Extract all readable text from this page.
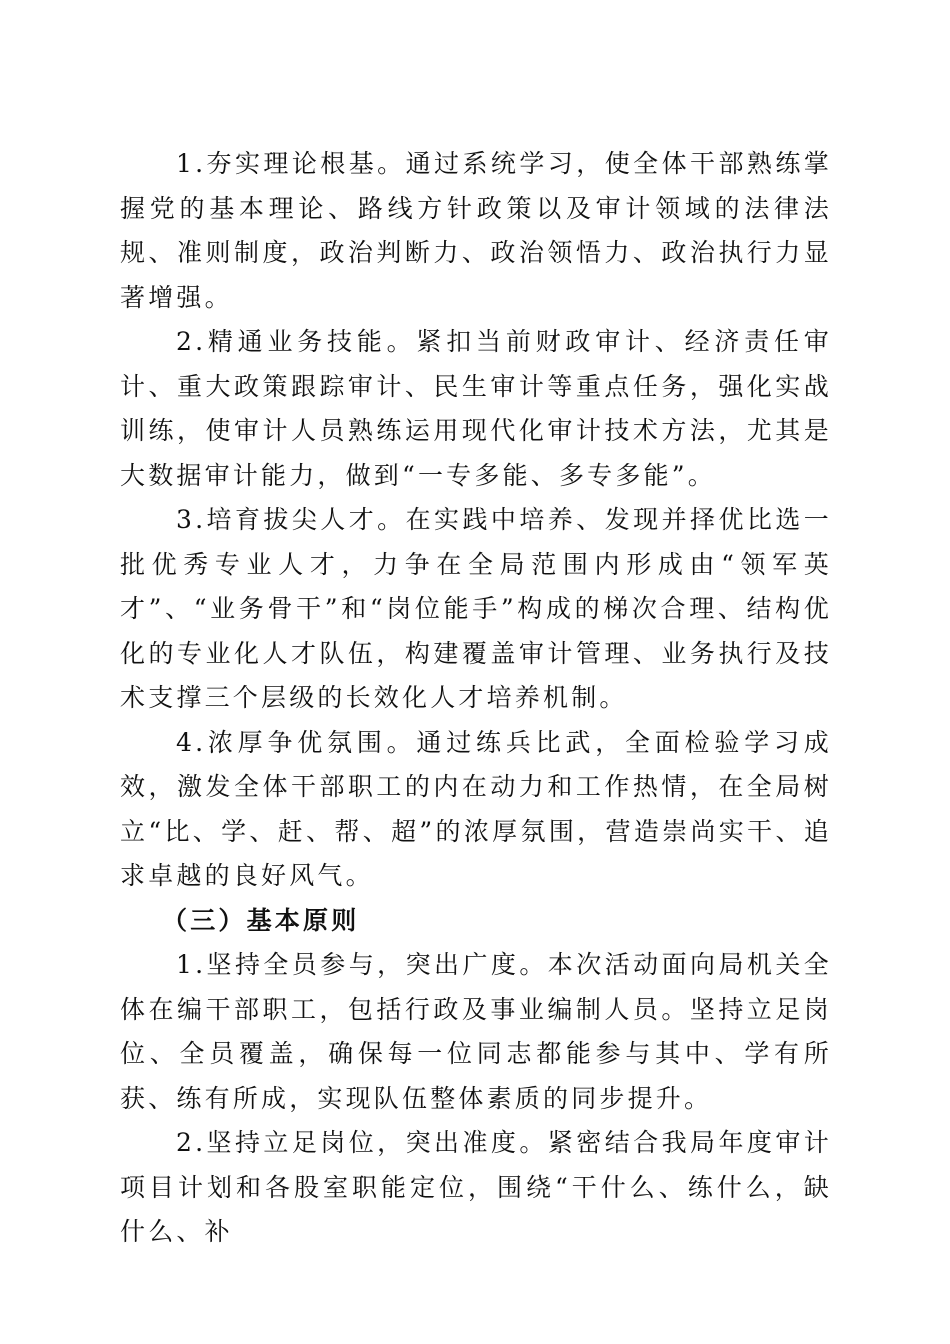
1.夯实理论根基。通过系统学习，使全体干部熟练掌握党的基本理论、路线方针政策以及审计领域的法律法规、准则制度，政治判断力、政治领悟力、政治执行力显著增强。

2.精通业务技能。紧扣当前财政审计、经济责任审计、重大政策跟踪审计、民生审计等重点任务，强化实战训练，使审计人员熟练运用现代化审计技术方法，尤其是大数据审计能力，做到“一专多能、多专多能”。

3.培育拔尖人才。在实践中培养、发现并择优比选一批优秀专业人才，力争在全局范围内形成由“领军英才”、“业务骨干”和“岗位能手”构成的梯次合理、结构优化的专业化人才队伍，构建覆盖审计管理、业务执行及技术支撑三个层级的长效化人才培养机制。

4.浓厚争优氛围。通过练兵比武，全面检验学习成效，激发全体干部职工的内在动力和工作热情，在全局树立“比、学、赶、帮、超”的浓厚氛围，营造崇尚实干、追求卓越的良好风气。

（三）基本原则

1.坚持全员参与，突出广度。本次活动面向局机关全体在编干部职工，包括行政及事业编制人员。坚持立足岗位、全员覆盖，确保每一位同志都能参与其中、学有所获、练有所成，实现队伍整体素质的同步提升。

2.坚持立足岗位，突出准度。紧密结合我局年度审计项目计划和各股室职能定位，围绕“干什么、练什么，缺什么、补
